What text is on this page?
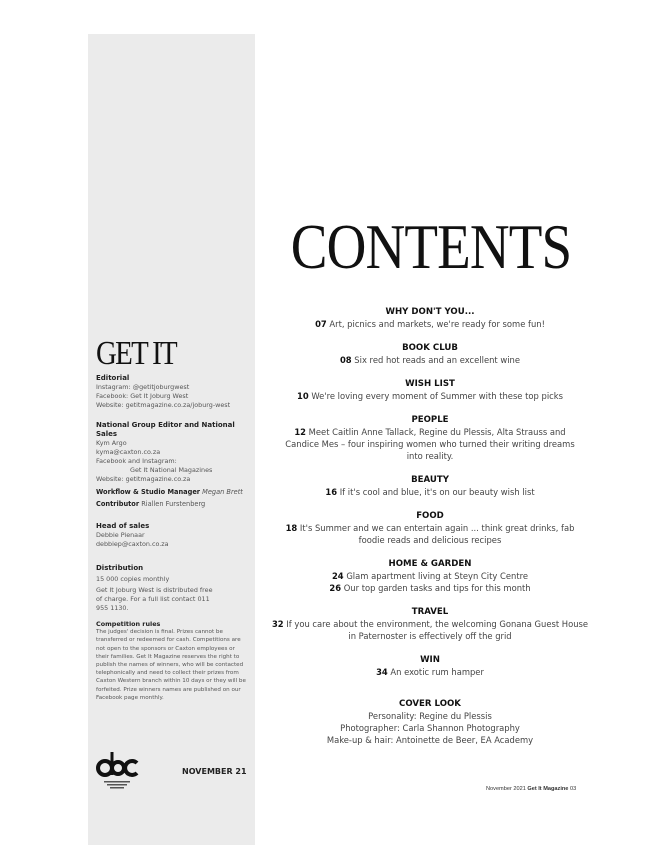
GET IT
Editorial
Instagram: @getitjoburgwest
Facebook: Get It Joburg West
Website: getitmagazine.co.za/joburg-west
National Group Editor and National Sales
Kym Argo
kyma@caxton.co.za
Facebook and Instagram:
Get It National Magazines
Website: getitmagazine.co.za
Workflow & Studio Manager Megan Brett
Contributor Riallen Furstenberg
Head of sales
Debbie Pienaar
debbiep@caxton.co.za
Distribution
15 000 copies monthly
Get It Joburg West is distributed free of charge. For a full list contact 011 955 1130.
Competition rules
The judges' decision is final. Prizes cannot be transferred or redeemed for cash. Competitions are not open to the sponsors or Caxton employees or their families. Get It Magazine reserves the right to publish the names of winners, who will be contacted telephonically and need to collect their prizes from Caxton Western branch within 10 days or they will be forfeited. Prize winners names are published on our Facebook page monthly.
NOVEMBER 21
CONTENTS
WHY DON'T YOU...
07 Art, picnics and markets, we're ready for some fun!
BOOK CLUB
08 Six red hot reads and an excellent wine
WISH LIST
10 We're loving every moment of Summer with these top picks
PEOPLE
12 Meet Caitlin Anne Tallack, Regine du Plessis, Alta Strauss and Candice Mes – four inspiring women who turned their writing dreams into reality.
BEAUTY
16 If it's cool and blue, it's on our beauty wish list
FOOD
18 It's Summer and we can entertain again ... think great drinks, fab foodie reads and delicious recipes
HOME & GARDEN
24 Glam apartment living at Steyn City Centre
26 Our top garden tasks and tips for this month
TRAVEL
32 If you care about the environment, the welcoming Gonana Guest House in Paternoster is effectively off the grid
WIN
34 An exotic rum hamper
COVER LOOK
Personality: Regine du Plessis
Photographer: Carla Shannon Photography
Make-up & hair: Antoinette de Beer, EA Academy
November 2021 Get It Magazine 03
